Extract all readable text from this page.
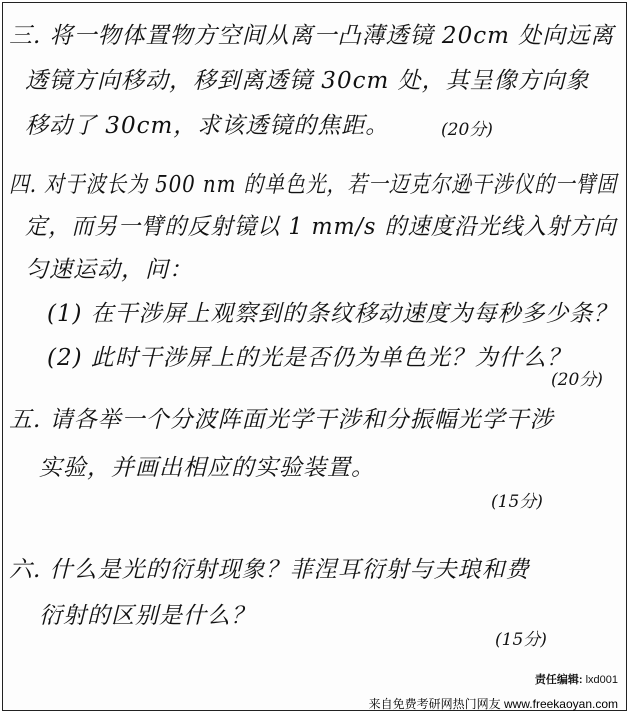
三. 将一物体置物方空间从离一凸薄透镜 20cm 处向远离
透镜方向移动，移到离透镜 30cm 处，其呈像方向象
移动了 30cm，求该透镜的焦距。	(20分)
四. 对于波长为 500 nm 的单色光，若一迈克尔逊干涉仪的一臂固
定，而另一臂的反射镜以 1 mm/s 的速度沿光线入射方向
匀速运动，问：
(1) 在干涉屏上观察到的条纹移动速度为每秒多少条？
(2) 此时干涉屏上的光是否仍为单色光？为什么？
(20分)
五. 请各举一个分波阵面光学干涉和分振幅光学干涉
实验，并画出相应的实验装置。
(15分)
六. 什么是光的衍射现象？菲涅耳衍射与夫琅和费
衍射的区别是什么？
(15分)
责任编辑: lxd001
来自免费考研网热门网友 www.freekaoyan.com
